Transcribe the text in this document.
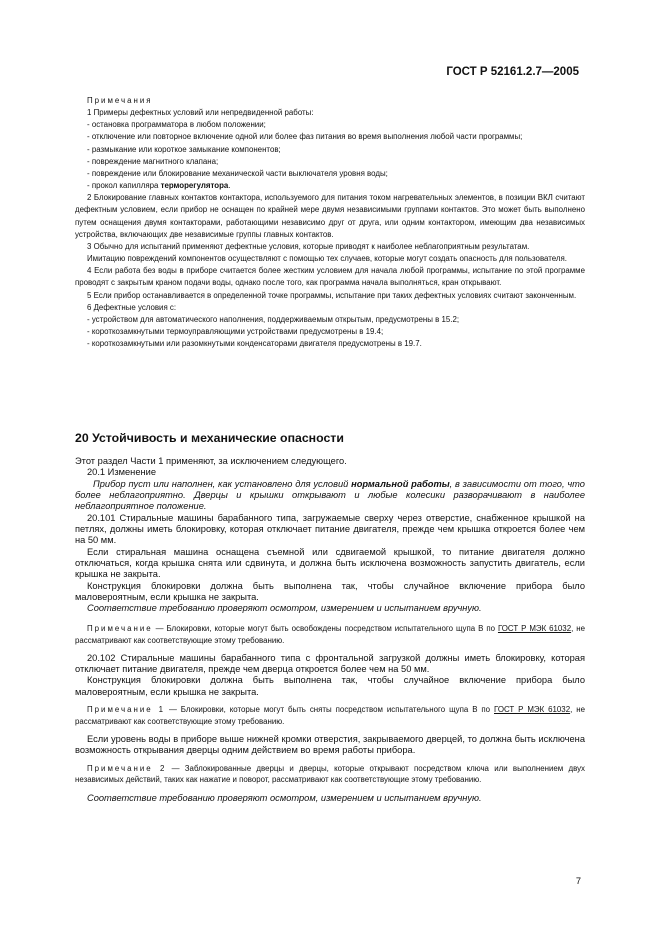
ГОСТ Р 52161.2.7—2005

Примечания

1 Примеры дефектных условий или непредвиденной работы:

- остановка программатора в любом положении;

- отключение или повторное включение одной или более фаз питания во время выполнения любой части программы;

- размыкание или короткое замыкание компонентов;

- повреждение магнитного клапана;

- повреждение или блокирование механической части выключателя уровня воды;

- прокол капилляра терморегулятора.

2 Блокирование главных контактов контактора, используемого для питания током нагревательных элементов, в позиции ВКЛ считают дефектным условием, если прибор не оснащен по крайней мере двумя независимыми группами контактов. Это может быть выполнено путем оснащения двумя контакторами, работающими независимо друг от друга, или одним контактором, имеющим два независимых устройства, включающих две независимые группы главных контактов.

3 Обычно для испытаний применяют дефектные условия, которые приводят к наиболее неблагоприятным результатам.

Имитацию повреждений компонентов осуществляют с помощью тех случаев, которые могут создать опасность для пользователя.

4 Если работа без воды в приборе считается более жестким условием для начала любой программы, испытание по этой программе проводят с закрытым краном подачи воды, однако после того, как программа начала выполняться, кран открывают.

5 Если прибор останавливается в определенной точке программы, испытание при таких дефектных условиях считают законченным.

6 Дефектные условия с:

- устройством для автоматического наполнения, поддерживаемым открытым, предусмотрены в 15.2;

- короткозамкнутыми термоуправляющими устройствами предусмотрены в 19.4;

- короткозамкнутыми или разомкнутыми конденсаторами двигателя предусмотрены в 19.7.

20 Устойчивость и механические опасности

Этот раздел Части 1 применяют, за исключением следующего.

20.1 Изменение

Прибор пуст или наполнен, как установлено для условий нормальной работы, в зависимости от того, что более неблагоприятно. Дверцы и крышки открывают и любые колесики разворачивают в наиболее неблагоприятное положение.

20.101 Стиральные машины барабанного типа, загружаемые сверху через отверстие, снабженное крышкой на петлях, должны иметь блокировку, которая отключает питание двигателя, прежде чем крышка откроется более чем на 50 мм.

Если стиральная машина оснащена съемной или сдвигаемой крышкой, то питание двигателя должно отключаться, когда крышка снята или сдвинута, и должна быть исключена возможность запустить двигатель, если крышка не закрыта.

Конструкция блокировки должна быть выполнена так, чтобы случайное включение прибора было маловероятным, если крышка не закрыта.

Соответствие требованию проверяют осмотром, измерением и испытанием вручную.

Примечание — Блокировки, которые могут быть освобождены посредством испытательного щупа В по ГОСТ Р МЭК 61032, не рассматривают как соответствующие этому требованию.

20.102 Стиральные машины барабанного типа с фронтальной загрузкой должны иметь блокировку, которая отключает питание двигателя, прежде чем дверца откроется более чем на 50 мм.

Конструкция блокировки должна быть выполнена так, чтобы случайное включение прибора было маловероятным, если крышка не закрыта.

Примечание 1 — Блокировки, которые могут быть сняты посредством испытательного щупа В по ГОСТ Р МЭК 61032, не рассматривают как соответствующие этому требованию.

Если уровень воды в приборе выше нижней кромки отверстия, закрываемого дверцей, то должна быть исключена возможность открывания дверцы одним действием во время работы прибора.

Примечание 2 — Заблокированные дверцы и дверцы, которые открывают посредством ключа или выполнением двух независимых действий, таких как нажатие и поворот, рассматривают как соответствующие этому требованию.

Соответствие требованию проверяют осмотром, измерением и испытанием вручную.

7
